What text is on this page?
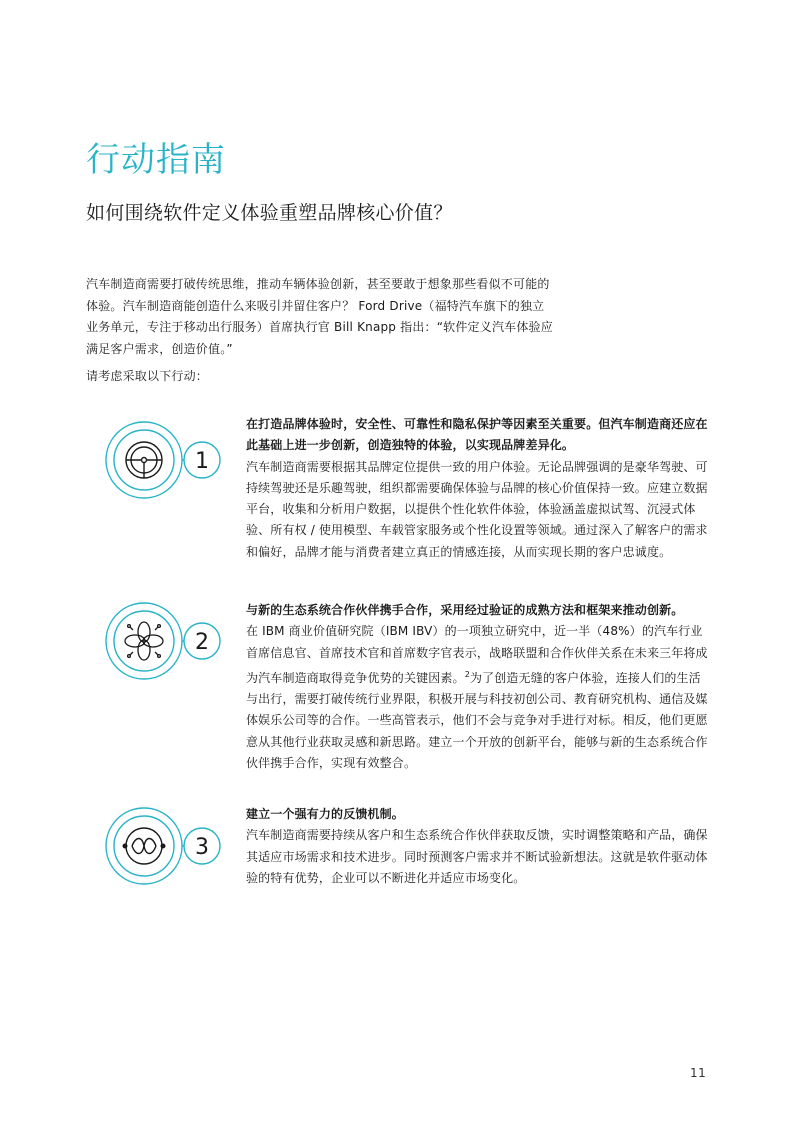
行动指南
如何围绕软件定义体验重塑品牌核心价值？

汽车制造商需要打破传统思维，推动车辆体验创新，甚至要敢于想象那些看似不可能的体验。汽车制造商能创造什么来吸引并留住客户？ Ford Drive（福特汽车旗下的独立业务单元，专注于移动出行服务）首席执行官 Bill Knapp 指出：“软件定义汽车体验应满足客户需求，创造价值。”

请考虑采取以下行动：

1

在打造品牌体验时，安全性、可靠性和隐私保护等因素至关重要。但汽车制造商还应在此基础上进一步创新，创造独特的体验，以实现品牌差异化。

汽车制造商需要根据其品牌定位提供一致的用户体验。无论品牌强调的是豪华驾驶、可持续驾驶还是乐趣驾驶，组织都需要确保体验与品牌的核心价值保持一致。应建立数据平台，收集和分析用户数据，以提供个性化软件体验，体验涵盖虚拟试驾、沉浸式体验、所有权 / 使用模型、车载管家服务或个性化设置等领域。通过深入了解客户的需求和偏好，品牌才能与消费者建立真正的情感连接，从而实现长期的客户忠诚度。

2

与新的生态系统合作伙伴携手合作，采用经过验证的成熟方法和框架来推动创新。

在 IBM 商业价值研究院（IBM IBV）的一项独立研究中，近一半（48%）的汽车行业首席信息官、首席技术官和首席数字官表示，战略联盟和合作伙伴关系在未来三年将成为汽车制造商取得竞争优势的关键因素。$^2$为了创造无缝的客户体验，连接人们的生活与出行，需要打破传统行业界限，积极开展与科技初创公司、教育研究机构、通信及媒体娱乐公司等的合作。一些高管表示，他们不会与竞争对手进行对标。相反，他们更愿意从其他行业获取灵感和新思路。建立一个开放的创新平台，能够与新的生态系统合作伙伴携手合作，实现有效整合。

3

建立一个强有力的反馈机制。

汽车制造商需要持续从客户和生态系统合作伙伴获取反馈，实时调整策略和产品，确保其适应市场需求和技术进步。同时预测客户需求并不断试验新想法。这就是软件驱动体验的特有优势，企业可以不断进化并适应市场变化。

11
